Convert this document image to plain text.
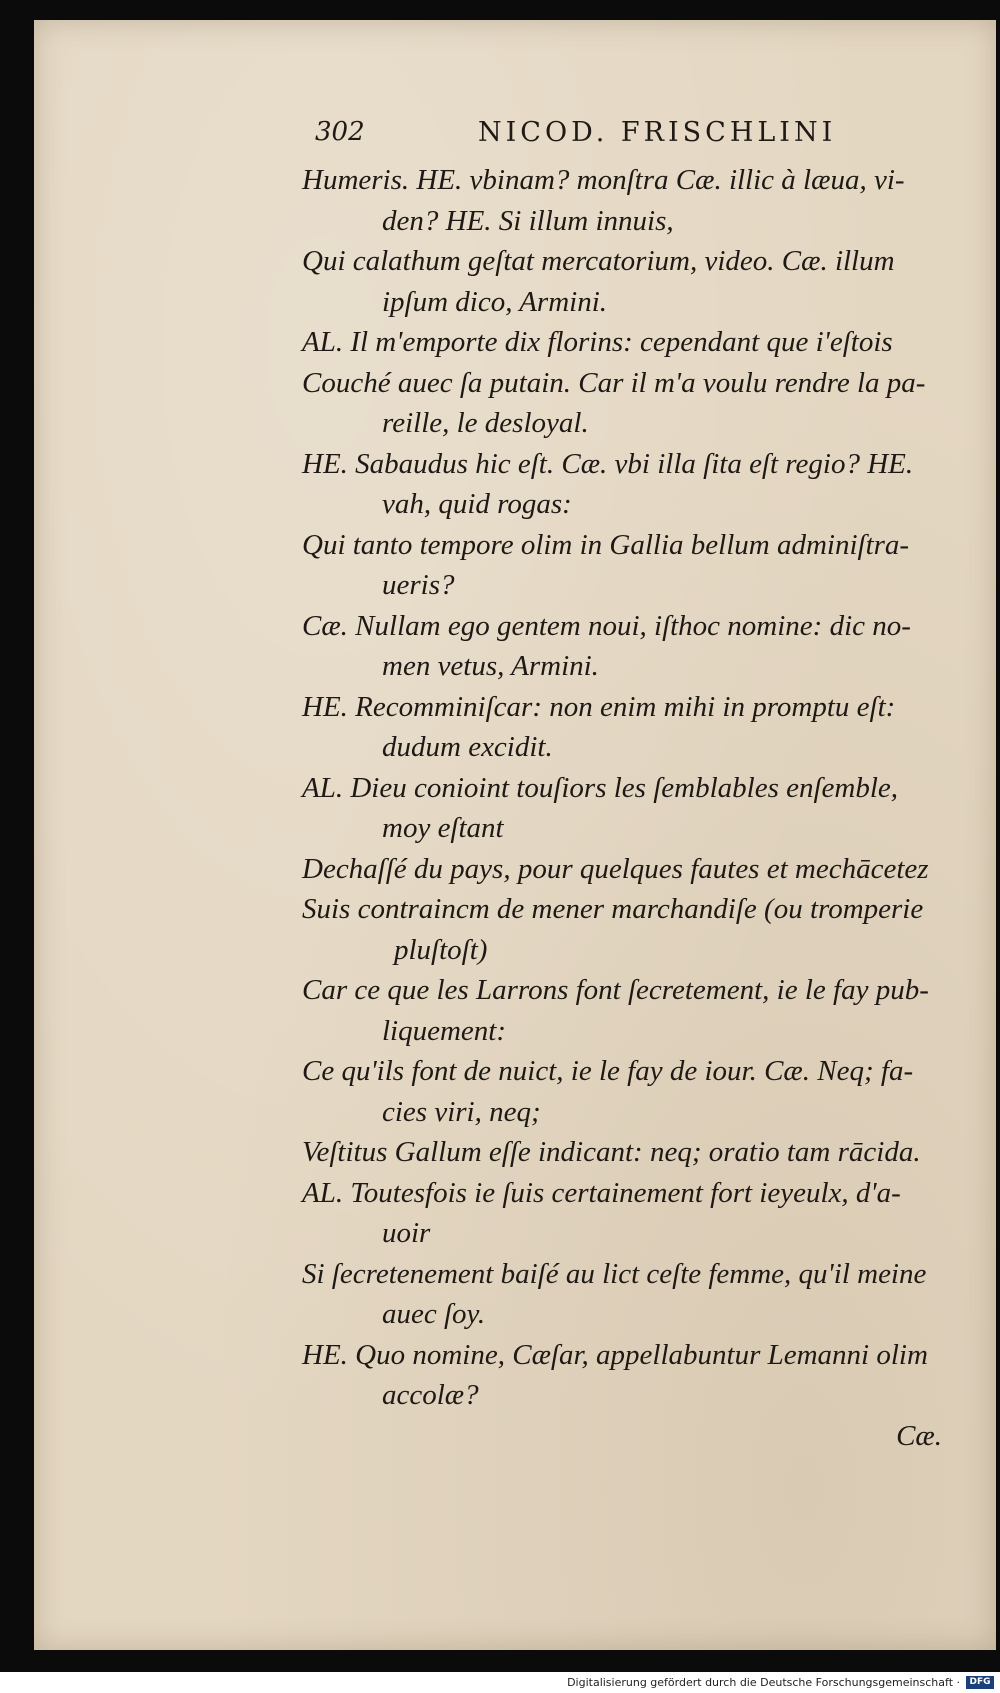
302	NICOD. FRISCHLINI
Humeris. HE. vbinam? monſtra Cæ. illic à læua, vi-
den? HE. Si illum innuis,
Qui calathum geſtat mercatorium, video. Cæ. illum
ipſum dico, Armini.
AL. Il m'emporte dix florins: cependant que i'eſtois
Couché auec ſa putain. Car il m'a voulu rendre la pa-
reille, le desloyal.
HE. Sabaudus hic eſt. Cæ. vbi illa ſita eſt regio? HE.
vah, quid rogas:
Qui tanto tempore olim in Gallia bellum adminiſtra-
ueris?
Cæ. Nullam ego gentem noui, iſthoc nomine: dic no-
men vetus, Armini.
HE. Recomminiſcar: non enim mihi in promptu eſt:
dudum excidit.
AL. Dieu conioint touſiors les ſemblables enſemble,
moy eſtant
Dechaſſé du pays, pour quelques fautes et mechācetez
Suis contraincт de mener marchandiſe (ou tromperie
pluſtoſt)
Car ce que les Larrons font ſecretement, ie le fay pub-
liquement:
Ce qu'ils font de nuict, ie le fay de iour. Cæ. Neq; fa-
cies viri, neq;
Veſtitus Gallum eſſe indicant: neq; oratio tam rācida.
AL. Toutesfois ie ſuis certainement fort ieyeulx, d'a-
uoir
Si ſecretenement baiſé au lict ceſte femme, qu'il meine
auec ſoy.
HE. Quo nomine, Cæſar, appellabuntur Lemanni olim
accolæ?
Cæ.
Digitalisierung gefördert durch die Deutsche Forschungsgemeinschaft ·	DFG
